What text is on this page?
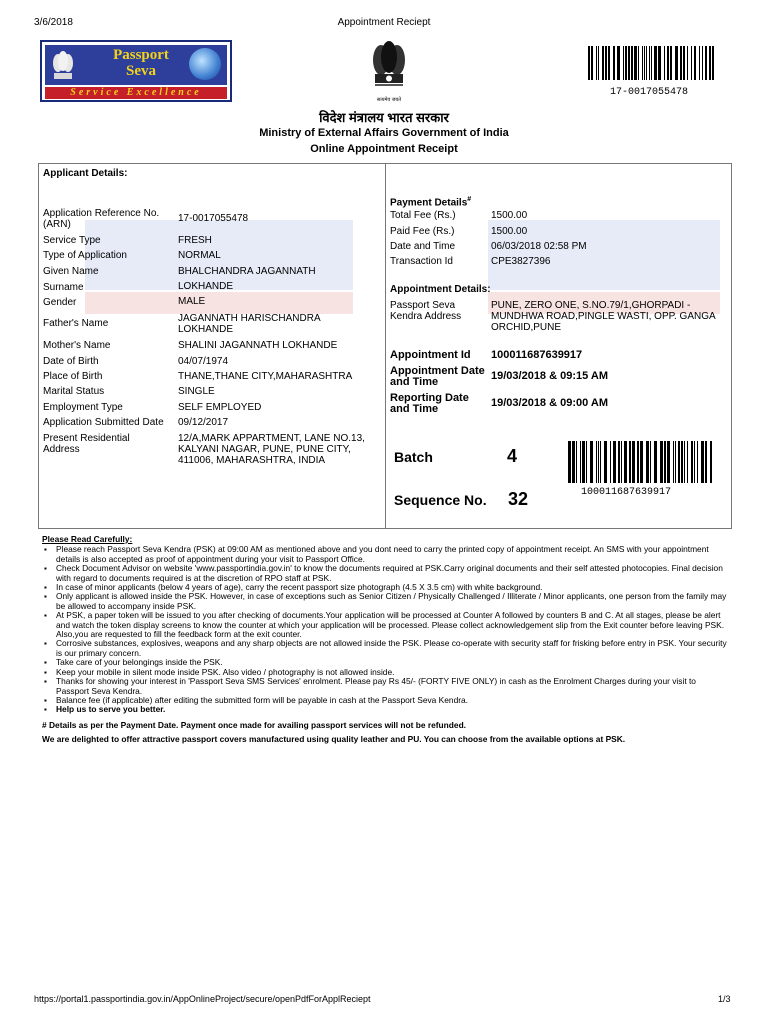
3/6/2018	Appointment Reciept
Passport
Seva
Service Excellence
सत्यमेव जयते
17-0017055478
विदेश मंत्रालय भारत सरकार
Ministry of External Affairs Government of India
Online Appointment Receipt
Applicant Details:
Application Reference No. (ARN)
17-0017055478
Service Type	FRESH
Type of Application	NORMAL
Given Name	BHALCHANDRA JAGANNATH
Surname	LOKHANDE
Gender	MALE
Father's Name	JAGANNATH HARISCHANDRA LOKHANDE
Mother's Name	SHALINI JAGANNATH LOKHANDE
Date of Birth	04/07/1974
Place of Birth	THANE,THANE CITY,MAHARASHTRA
Marital Status	SINGLE
Employment Type	SELF EMPLOYED
Application Submitted Date 09/12/2017
Present Residential Address
12/A,MARK APPARTMENT, LANE NO.13, KALYANI NAGAR, PUNE, PUNE CITY, 411006, MAHARASHTRA, INDIA
Payment Details#
Total Fee (Rs.)	1500.00
Paid Fee (Rs.)	1500.00
Date and Time	06/03/2018 02:58 PM
Transaction Id	CPE3827396
Appointment Details:
Passport Seva Kendra Address
PUNE, ZERO ONE, S.NO.79/1,GHORPADI - MUNDHWA ROAD,PINGLE WASTI, OPP. GANGA ORCHID,PUNE
Appointment Id 100011687639917
Appointment Date and Time	19/03/2018 & 09:15 AM
Reporting Date and Time	19/03/2018 & 09:00 AM
Batch	4
Sequence No. 32	100011687639917
Please Read Carefully:
▪ Please reach Passport Seva Kendra (PSK) at 09:00 AM as mentioned above and you dont need to carry the printed copy of appointment receipt. An SMS with your appointment details is also accepted as proof of appointment during your visit to Passport Office.
▪ Check Document Advisor on website 'www.passportindia.gov.in' to know the documents required at PSK.Carry original documents and their self attested photocopies. Final decision with regard to documents required is at the discretion of RPO staff at PSK.
▪ In case of minor applicants (below 4 years of age), carry the recent passport size photograph (4.5 X 3.5 cm) with white background.
▪ Only applicant is allowed inside the PSK. However, in case of exceptions such as Senior Citizen / Physically Challenged / Illiterate / Minor applicants, one person from the family may be allowed to accompany inside PSK.
▪ At PSK, a paper token will be issued to you after checking of documents.Your application will be processed at Counter A followed by counters B and C. At all stages, please be alert and watch the token display screens to know the counter at which your application will be processed. Please collect acknowledgement slip from the Exit counter before leaving PSK. Also,you are requested to fill the feedback form at the exit counter.
▪ Corrosive substances, explosives, weapons and any sharp objects are not allowed inside the PSK. Please co-operate with security staff for frisking before entry in PSK. Your security is our primary concern.
▪ Take care of your belongings inside the PSK.
▪ Keep your mobile in silent mode inside PSK. Also video / photography is not allowed inside.
▪ Thanks for showing your interest in 'Passport Seva SMS Services' enrolment. Please pay Rs 45/- (FORTY FIVE ONLY) in cash as the Enrolment Charges during your visit to Passport Seva Kendra.
▪ Balance fee (if applicable) after editing the submitted form will be payable in cash at the Passport Seva Kendra.
▪ Help us to serve you better.
# Details as per the Payment Date. Payment once made for availing passport services will not be refunded.
We are delighted to offer attractive passport covers manufactured using quality leather and PU. You can choose from the available options at PSK.
https://portal1.passportindia.gov.in/AppOnlineProject/secure/openPdfForApplReciept	1/3
